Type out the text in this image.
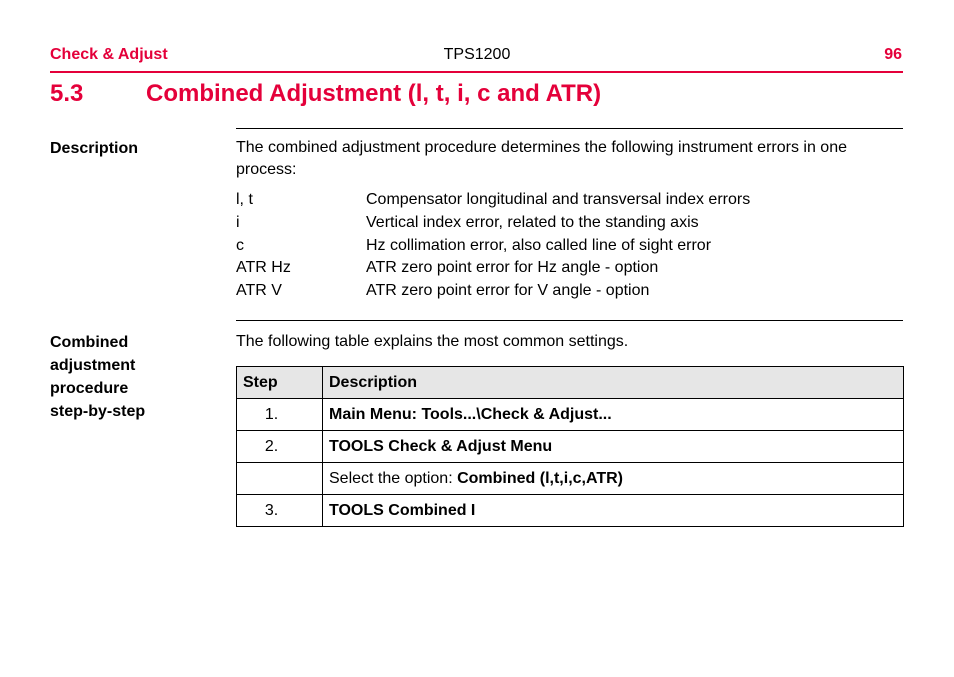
Check & Adjust	TPS1200	96
5.3	Combined Adjustment (l, t, i, c and ATR)
Description	The combined adjustment procedure determines the following instrument errors in one process:
l, t	Compensator longitudinal and transversal index errors
i	Vertical index error, related to the standing axis
c	Hz collimation error, also called line of sight error
ATR Hz	ATR zero point error for Hz angle - option
ATR V	ATR zero point error for V angle - option
Combined
adjustment
procedure
step-by-step
The following table explains the most common settings.
Step	Description
1.	Main Menu: Tools...\Check & Adjust...
2.	TOOLS Check & Adjust Menu
	Select the option: Combined (l,t,i,c,ATR)
3.	TOOLS Combined I
